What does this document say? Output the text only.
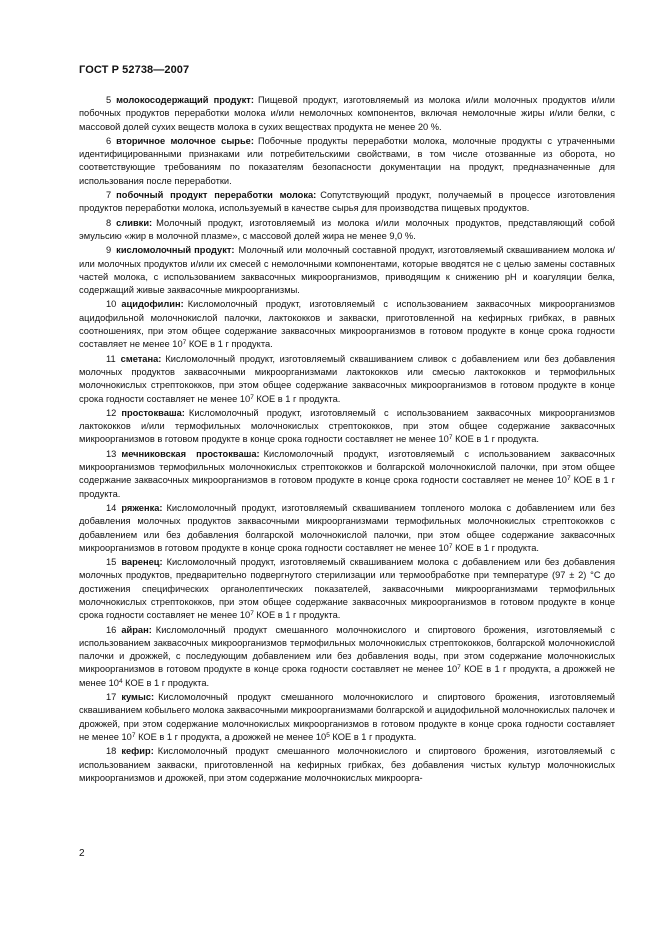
ГОСТ Р 52738—2007

5 молокосодержащий продукт: Пищевой продукт, изготовляемый из молока и/или молочных продуктов и/или побочных продуктов переработки молока и/или немолочных компонентов, включая немолочные жиры и/или белки, с массовой долей сухих веществ молока в сухих веществах продукта не менее 20 %.

6 вторичное молочное сырье: Побочные продукты переработки молока, молочные продукты с утраченными идентифицированными признаками или потребительскими свойствами, в том числе отозванные из оборота, но соответствующие требованиям по показателям безопасности документации на продукт, предназначенные для использования после переработки.

7 побочный продукт переработки молока: Сопутствующий продукт, получаемый в процессе изготовления продуктов переработки молока, используемый в качестве сырья для производства пищевых продуктов.

8 сливки: Молочный продукт, изготовляемый из молока и/или молочных продуктов, представляющий собой эмульсию «жир в молочной плазме», с массовой долей жира не менее 9,0 %.

9 кисломолочный продукт: Молочный или молочный составной продукт, изготовляемый сквашиванием молока и/или молочных продуктов и/или их смесей с немолочными компонентами, которые вводятся не с целью замены составных частей молока, с использованием заквасочных микроорганизмов, приводящим к снижению рН и коагуляции белка, содержащий живые заквасочные микроорганизмы.

10 ацидофилин: Кисломолочный продукт, изготовляемый с использованием заквасочных микроорганизмов ацидофильной молочнокислой палочки, лактококков и закваски, приготовленной на кефирных грибках, в равных соотношениях, при этом общее содержание заквасочных микроорганизмов в готовом продукте в конце срока годности составляет не менее $10^7$ КОЕ в 1 г продукта.

11 сметана: Кисломолочный продукт, изготовляемый сквашиванием сливок с добавлением или без добавления молочных продуктов заквасочными микроорганизмами лактококков или смесью лактококков и термофильных молочнокислых стрептококков, при этом общее содержание заквасочных микроорганизмов в готовом продукте в конце срока годности составляет не менее $10^7$ КОЕ в 1 г продукта.

12 простокваша: Кисломолочный продукт, изготовляемый с использованием заквасочных микроорганизмов лактококков и/или термофильных молочнокислых стрептококков, при этом общее содержание заквасочных микроорганизмов в готовом продукте в конце срока годности составляет не менее $10^7$ КОЕ в 1 г продукта.

13 мечниковская простокваша: Кисломолочный продукт, изготовляемый с использованием заквасочных микроорганизмов термофильных молочнокислых стрептококков и болгарской молочнокислой палочки, при этом общее содержание заквасочных микроорганизмов в готовом продукте в конце срока годности составляет не менее $10^7$ КОЕ в 1 г продукта.

14 ряженка: Кисломолочный продукт, изготовляемый сквашиванием топленого молока с добавлением или без добавления молочных продуктов заквасочными микроорганизмами термофильных молочнокислых стрептококков с добавлением или без добавления болгарской молочнокислой палочки, при этом общее содержание заквасочных микроорганизмов в готовом продукте в конце срока годности составляет не менее $10^7$ КОЕ в 1 г продукта.

15 варенец: Кисломолочный продукт, изготовляемый сквашиванием молока с добавлением или без добавления молочных продуктов, предварительно подвергнутого стерилизации или термообработке при температуре (97 ± 2) °С до достижения специфических органолептических показателей, заквасочными микроорганизмами термофильных молочнокислых стрептококков, при этом общее содержание заквасочных микроорганизмов в готовом продукте в конце срока годности составляет не менее $10^7$ КОЕ в 1 г продукта.

16 айран: Кисломолочный продукт смешанного молочнокислого и спиртового брожения, изготовляемый с использованием заквасочных микроорганизмов термофильных молочнокислых стрептококков, болгарской молочнокислой палочки и дрожжей, с последующим добавлением или без добавления воды, при этом содержание молочнокислых микроорганизмов в готовом продукте в конце срока годности составляет не менее $10^7$ КОЕ в 1 г продукта, а дрожжей не менее $10^4$ КОЕ в 1 г продукта.

17 кумыс: Кисломолочный продукт смешанного молочнокислого и спиртового брожения, изготовляемый сквашиванием кобыльего молока заквасочными микроорганизмами болгарской и ацидофильной молочнокислых палочек и дрожжей, при этом содержание молочнокислых микроорганизмов в готовом продукте в конце срока годности составляет не менее $10^7$ КОЕ в 1 г продукта, а дрожжей не менее $10^5$ КОЕ в 1 г продукта.

18 кефир: Кисломолочный продукт смешанного молочнокислого и спиртового брожения, изготовляемый с использованием закваски, приготовленной на кефирных грибках, без добавления чистых культур молочнокислых микроорганизмов и дрожжей, при этом содержание молочнокислых микроорга-

2
